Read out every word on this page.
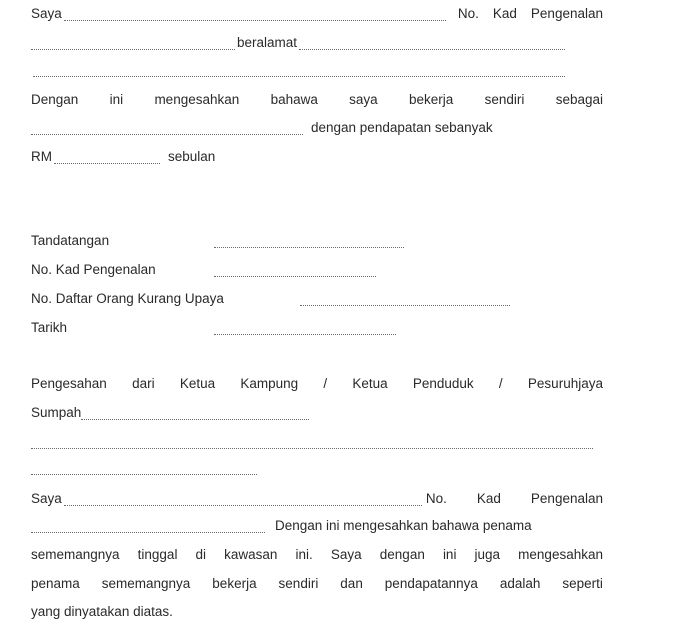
Saya	No. Kad Pengenalan
beralamat
Dengan ini mengesahkan bahawa saya bekerja sendiri sebagai
dengan pendapatan sebanyak
RM	sebulan
Tandatangan
No. Kad Pengenalan
No. Daftar Orang Kurang Upaya
Tarikh
Pengesahan dari Ketua Kampung / Ketua Penduduk / Pesuruhjaya
Sumpah
Saya	No. Kad Pengenalan
Dengan ini mengesahkan bahawa penama
sememangnya tinggal di kawasan ini. Saya dengan ini juga mengesahkan
penama sememangnya bekerja sendiri dan pendapatannya adalah seperti
yang dinyatakan diatas.
